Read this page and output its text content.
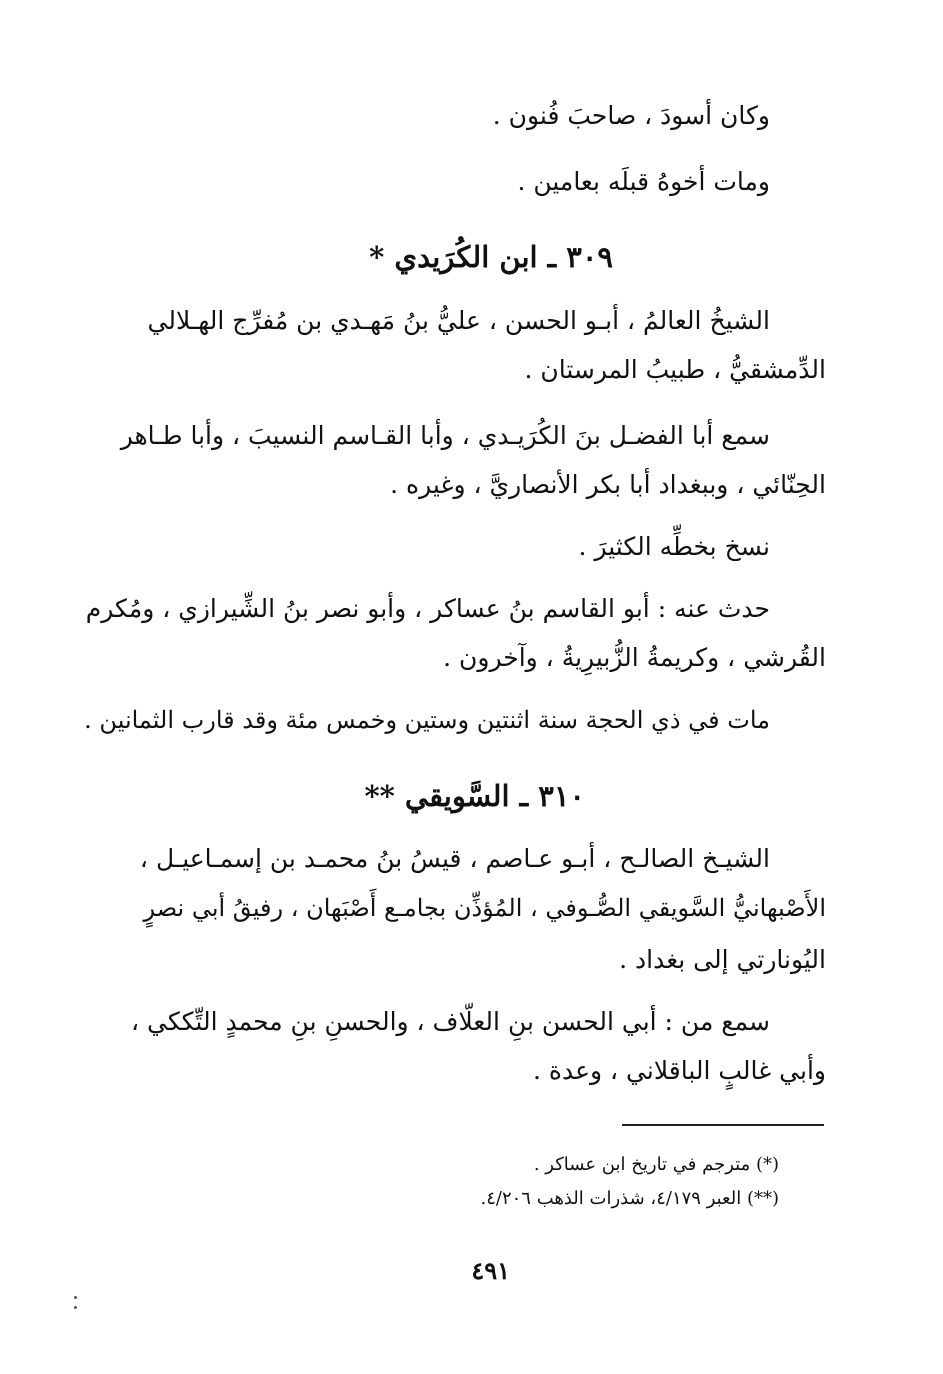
وكان أسودَ ، صاحبَ فُنون .
ومات أخوهُ قبلَه بعامين .
٣٠٩ ـ ابن الكُرَيدي *
الشيخُ العالمُ ، أبـو الحسن ، عليُّ بنُ مَهـدي بن مُفرِّج الهـلالي
الدِّمشقيُّ ، طبيبُ المرستان .
سمع أبا الفضـل بنَ الكُرَيـدي ، وأبا القـاسم النسيبَ ، وأبا طـاهر
الحِنّائي ، وببغداد أبا بكر الأنصاريَّ ، وغيره .
نسخ بخطِّه الكثيرَ .
حدث عنه : أبو القاسم بنُ عساكر ، وأبو نصر بنُ الشِّيرازي ، ومُكرم
القُرشي ، وكريمةُ الزُّبيرِيةُ ، وآخرون .
مات في ذي الحجة سنة اثنتين وستين وخمس مئة وقد قارب الثمانين .
٣١٠ ـ السَّويقي **
الشيـخ الصالـح ، أبـو عـاصم ، قيسُ بنُ محمـد بن إسمـاعيـل ،
الأَصْبهانيُّ السَّويقي الصُّـوفي ، المُؤذِّن بجامـع أَصْبَهان ، رفيقُ أبي نصرٍ
اليُونارتي إلى بغداد .
سمع من : أبي الحسن بنِ العلّاف ، والحسنِ بنِ محمدٍ التِّككي ،
وأبي غالبٍ الباقلاني ، وعدة .
(*) مترجم في تاريخ ابن عساكر .
(**) العبر ٤/١٧٩، شذرات الذهب ٤/٢٠٦.
٤٩١
